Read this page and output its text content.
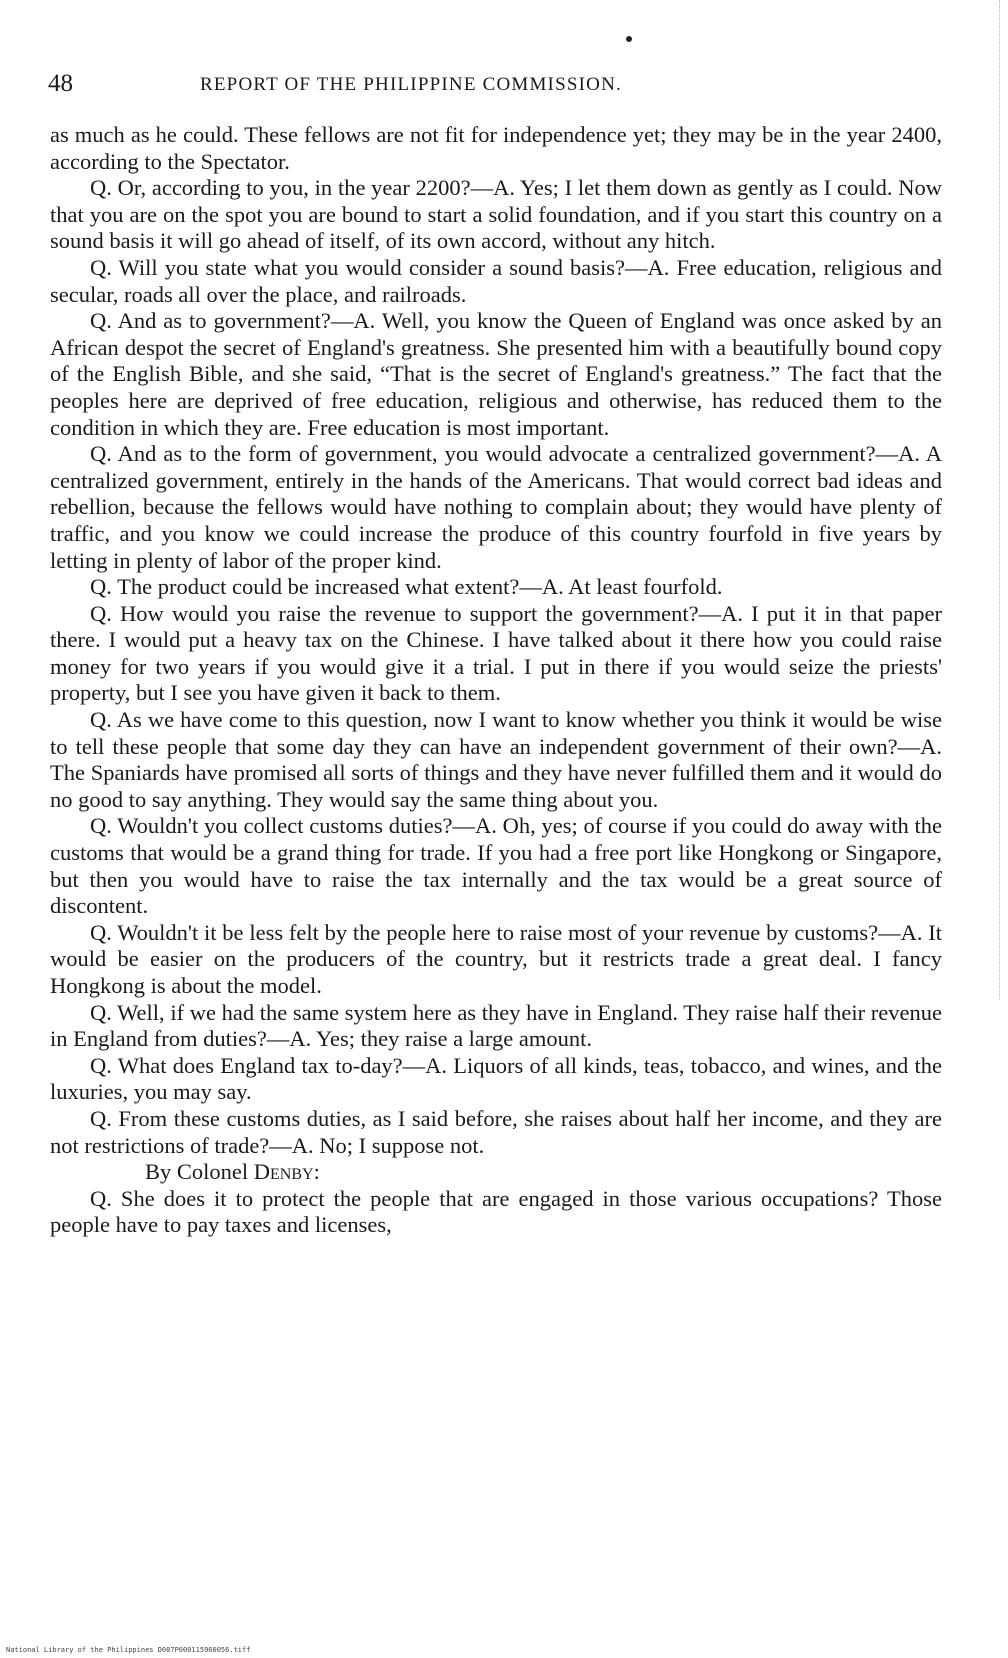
48	REPORT OF THE PHILIPPINE COMMISSION.

as much as he could. These fellows are not fit for independence yet; they may be in the year 2400, according to the Spectator.

Q. Or, according to you, in the year 2200?—A. Yes; I let them down as gently as I could. Now that you are on the spot you are bound to start a solid foundation, and if you start this country on a sound basis it will go ahead of itself, of its own accord, without any hitch.

Q. Will you state what you would consider a sound basis?—A. Free education, religious and secular, roads all over the place, and railroads.

Q. And as to government?—A. Well, you know the Queen of England was once asked by an African despot the secret of England's greatness. She presented him with a beautifully bound copy of the English Bible, and she said, “That is the secret of England's greatness.” The fact that the peoples here are deprived of free education, religious and otherwise, has reduced them to the condition in which they are. Free education is most important.

Q. And as to the form of government, you would advocate a centralized government?—A. A centralized government, entirely in the hands of the Americans. That would correct bad ideas and rebellion, because the fellows would have nothing to complain about; they would have plenty of traffic, and you know we could increase the produce of this country fourfold in five years by letting in plenty of labor of the proper kind.

Q. The product could be increased what extent?—A. At least fourfold.

Q. How would you raise the revenue to support the government?—A. I put it in that paper there. I would put a heavy tax on the Chinese. I have talked about it there how you could raise money for two years if you would give it a trial. I put in there if you would seize the priests' property, but I see you have given it back to them.

Q. As we have come to this question, now I want to know whether you think it would be wise to tell these people that some day they can have an independent government of their own?—A. The Spaniards have promised all sorts of things and they have never fulfilled them and it would do no good to say anything. They would say the same thing about you.

Q. Wouldn't you collect customs duties?—A. Oh, yes; of course if you could do away with the customs that would be a grand thing for trade. If you had a free port like Hongkong or Singapore, but then you would have to raise the tax internally and the tax would be a great source of discontent.

Q. Wouldn't it be less felt by the people here to raise most of your revenue by customs?—A. It would be easier on the producers of the country, but it restricts trade a great deal. I fancy Hongkong is about the model.

Q. Well, if we had the same system here as they have in England. They raise half their revenue in England from duties?—A. Yes; they raise a large amount.

Q. What does England tax to-day?—A. Liquors of all kinds, teas, tobacco, and wines, and the luxuries, you may say.

Q. From these customs duties, as I said before, she raises about half her income, and they are not restrictions of trade?—A. No; I suppose not.

By Colonel Denby:

Q. She does it to protect the people that are engaged in those various occupations? Those people have to pay taxes and licenses,

National Library of the Philippines D087P000115960056.tiff
